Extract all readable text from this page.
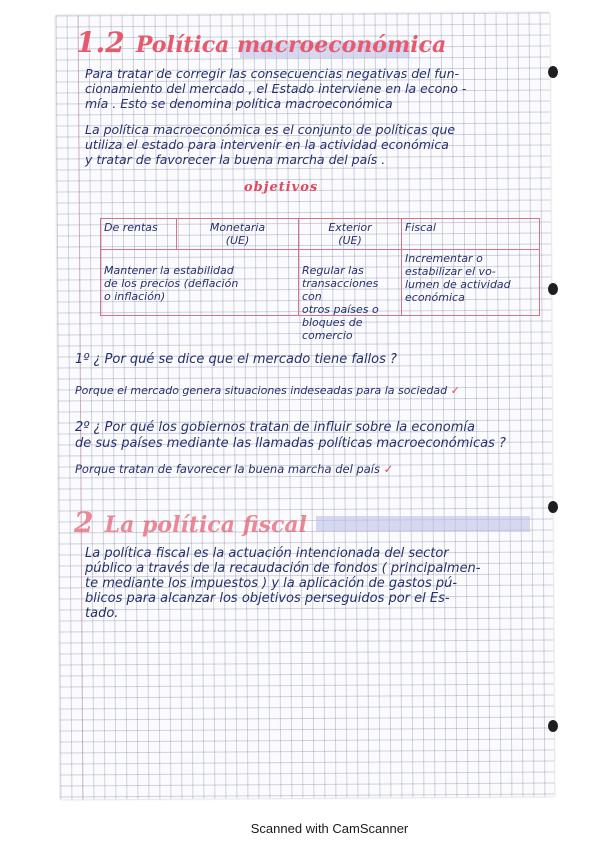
1.2 Política macroeconómica

Para tratar de corregir las consecuencias negativas del fun-
cionamiento del mercado , el Estado interviene en la econo -
mía . Esto se denomina política macroeconómica

La política macroeconómica es el conjunto de políticas que
utiliza el estado para intervenir en la actividad económica
y tratar de favorecer la buena marcha del país .

objetivos

De rentas	Monetaria
(UE)
Exterior
(UE)
Fiscal
Mantener la estabilidad
de los precios (deflación
o inflación)
Regular las
transacciones con
otros países o
bloques de comercio
Incrementar o
estabilizar el vo-
lumen de actividad
económica

1º ¿ Por qué se dice que el mercado tiene fallos ?

Porque el mercado genera situaciones indeseadas para la sociedad ✓

2º ¿ Por qué los gobiernos tratan de influir sobre la economía
de sus países mediante las llamadas políticas macroeconómicas ?

Porque tratan de favorecer la buena marcha del país ✓

2 La política fiscal

La política fiscal es la actuación intencionada del sector
público a través de la recaudación de fondos ( principalmen-
te mediante los impuestos ) y la aplicación de gastos pú-
blicos para alcanzar los objetivos perseguidos por el Es-
tado.

Scanned with CamScanner
